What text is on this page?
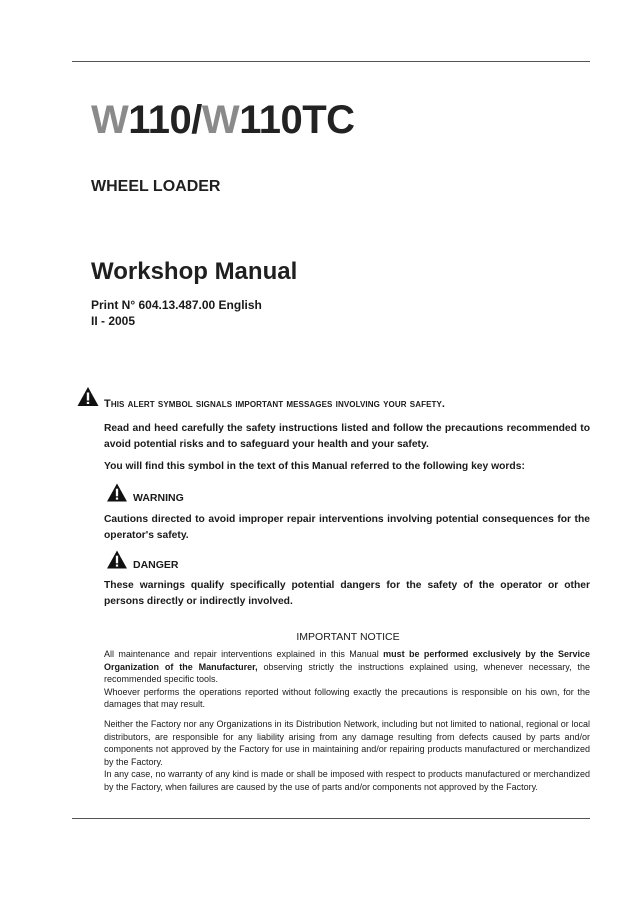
W110/W110TC
WHEEL LOADER
Workshop Manual
Print N° 604.13.487.00 English
II - 2005
This alert symbol signals important messages involving your safety.
Read and heed carefully the safety instructions listed and follow the precautions recommended to avoid potential risks and to safeguard your health and your safety.
You will find this symbol in the text of this Manual referred to the following key words:
WARNING
Cautions directed to avoid improper repair interventions involving potential consequences for the operator's safety.
DANGER
These warnings qualify specifically potential dangers for the safety of the operator or other persons directly or indirectly involved.
IMPORTANT NOTICE

All maintenance and repair interventions explained in this Manual must be performed exclusively by the Service Organization of the Manufacturer, observing strictly the instructions explained using, whenever necessary, the recommended specific tools.

Whoever performs the operations reported without following exactly the precautions is responsible on his own, for the damages that may result.

Neither the Factory nor any Organizations in its Distribution Network, including but not limited to national, regional or local distributors, are responsible for any liability arising from any damage resulting from defects caused by parts and/or components not approved by the Factory for use in maintaining and/or repairing products manufactured or merchandized by the Factory.

In any case, no warranty of any kind is made or shall be imposed with respect to products manufactured or merchandized by the Factory, when failures are caused by the use of parts and/or components not approved by the Factory.
